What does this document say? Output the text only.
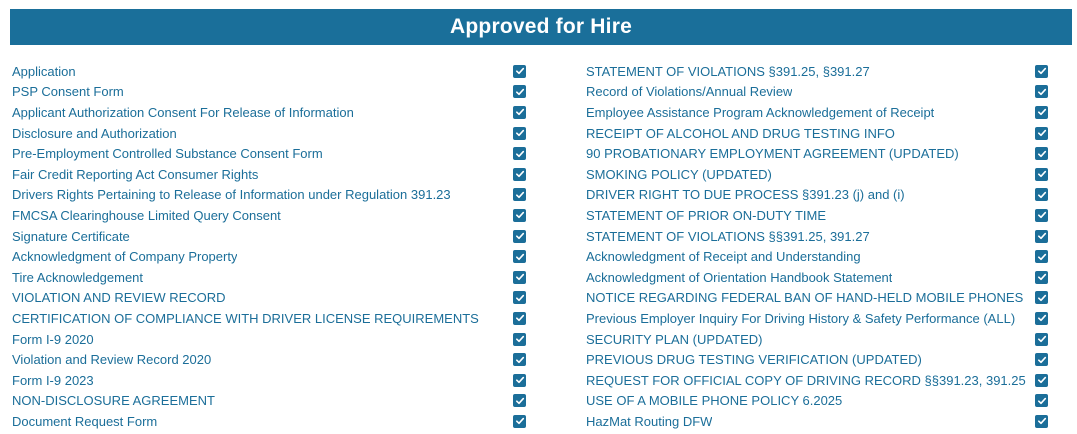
Approved for Hire
Application
PSP Consent Form
Applicant Authorization Consent For Release of Information
Disclosure and Authorization
Pre-Employment Controlled Substance Consent Form
Fair Credit Reporting Act Consumer Rights
Drivers Rights Pertaining to Release of Information under Regulation 391.23
FMCSA Clearinghouse Limited Query Consent
Signature Certificate
Acknowledgment of Company Property
Tire Acknowledgement
VIOLATION AND REVIEW RECORD
CERTIFICATION OF COMPLIANCE WITH DRIVER LICENSE REQUIREMENTS
Form I-9 2020
Violation and Review Record 2020
Form I-9 2023
NON-DISCLOSURE AGREEMENT
Document Request Form
STATEMENT OF VIOLATIONS §391.25, §391.27
Record of Violations/Annual Review
Employee Assistance Program Acknowledgement of Receipt
RECEIPT OF ALCOHOL AND DRUG TESTING INFO
90 PROBATIONARY EMPLOYMENT AGREEMENT (UPDATED)
SMOKING POLICY (UPDATED)
DRIVER RIGHT TO DUE PROCESS §391.23 (j) and (i)
STATEMENT OF PRIOR ON-DUTY TIME
STATEMENT OF VIOLATIONS §§391.25, 391.27
Acknowledgment of Receipt and Understanding
Acknowledgment of Orientation Handbook Statement
NOTICE REGARDING FEDERAL BAN OF HAND-HELD MOBILE PHONES
Previous Employer Inquiry For Driving History & Safety Performance (ALL)
SECURITY PLAN (UPDATED)
PREVIOUS DRUG TESTING VERIFICATION (UPDATED)
REQUEST FOR OFFICIAL COPY OF DRIVING RECORD §§391.23, 391.25
USE OF A MOBILE PHONE POLICY 6.2025
HazMat Routing DFW
